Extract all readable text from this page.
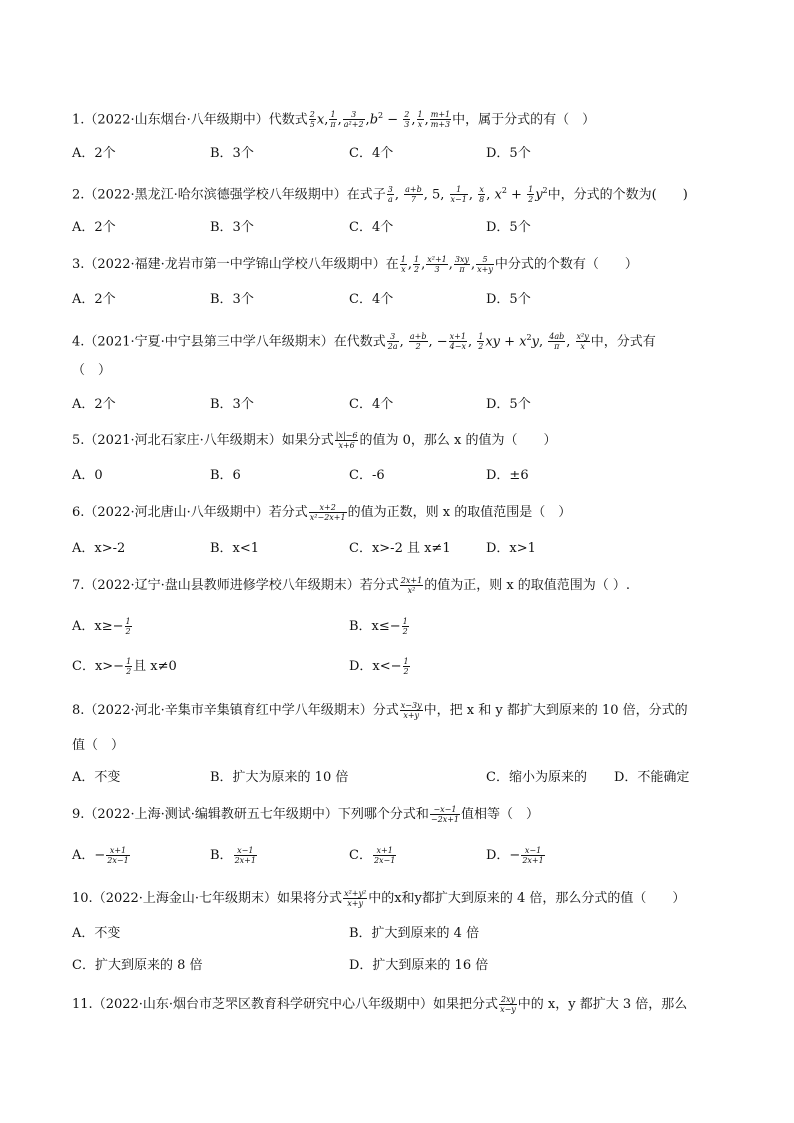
1.（2022·山东烟台·八年级期中）代数式 $\frac{2}{5} x$, $\frac{1}{\pi}$ , $\frac{3}{\text{a²+2}} ,b^2 - \frac{2}{3}$ , $\frac{1}{x}$ , $\frac{m+1}{m+3}$ 中，属于分式的有（　）
A．2个	B．3个	C．4个	D．5个
2.（2022·黑龙江·哈尔滨德强学校八年级期中）在式子 $\frac{3}{a}$ , $\frac{a+b}{7}$ , 5, $\frac{1}{x-1}$ , $\frac{x}{8}$ , $x^2 + \frac{1}{2} y^2$中，分式的个数为(　　)
A．2个	B．3个	C．4个	D．5个
3.（2022·福建·龙岩市第一中学锦山学校八年级期中）在 $\frac{1}{x}$ , $\frac{1}{2}$ , $\frac{\text{x²+1}}{3}$ , $\frac{3xy}{\pi}$ , $\frac{5}{x+y}$ 中分式的个数有（　　）
A．2个	B．3个	C．4个	D．5个
4.（2021·宁夏·中宁县第三中学八年级期末）在代数式 $\frac{3}{2a}$ , $\frac{a+b}{2}$ , − $\frac{x+1}{4-x}$ , $\frac{1}{2}$ xy + $x^2y$, $\frac{4ab}{\pi}$ , $\frac{\text{x²y}}{x}$ 中，分式有
（　）
A．2个	B．3个	C．4个	D．5个
5.（2021·河北石家庄·八年级期末）如果分式 $\frac{|x|-6}{x+6}$ 的值为 0，那么 x 的值为（　　）
A．0	B．6	C．-6	D．±6
6.（2022·河北唐山·八年级期中）若分式 $\frac{x+2}{\text{x²−2x+1}}$ 的值为正数，则 x 的取值范围是（　）
A．x>-2	B．x<1	C．x>-2 且 x≠1	D．x>1
7.（2022·辽宁·盘山县教师进修学校八年级期末）若分式 $\frac{2x+1}{\text{x²}}$ 的值为正，则 x 的取值范围为（ ）.
A．$x\ge- \frac{1}{2}$	B．$x\le- \frac{1}{2}$
C．$x>- \frac{1}{2}$ 且 x≠0	D．$x<- \frac{1}{2}$
8.（2022·河北·辛集市辛集镇育红中学八年级期末）分式 $\frac{x-3y}{x+y}$ 中，把 x 和 y 都扩大到原来的 10 倍，分式的
值（　）
A．不变	B．扩大为原来的 10 倍	C．缩小为原来的 D．不能确定
9.（2022·上海·测试·编辑教研五七年级期中）下列哪个分式和 $\frac{-x-1}{-2x+1}$ 值相等（　）
A．− $\frac{x+1}{2x-1}$	B． $\frac{x-1}{2x+1}$	C． $\frac{x+1}{2x-1}$	D．− $\frac{x-1}{2x+1}$
10.（2022·上海金山·七年级期末）如果将分式 $\frac{\text{x²+y²}}{x+y}$ 中的x和y都扩大到原来的 4 倍，那么分式的值（　　）
A．不变	B．扩大到原来的 4 倍
C．扩大到原来的 8 倍	D．扩大到原来的 16 倍
11.（2022·山东·烟台市芝罘区教育科学研究中心八年级期中）如果把分式 $\frac{2xy}{x-y}$ 中的 x，y 都扩大 3 倍，那么
